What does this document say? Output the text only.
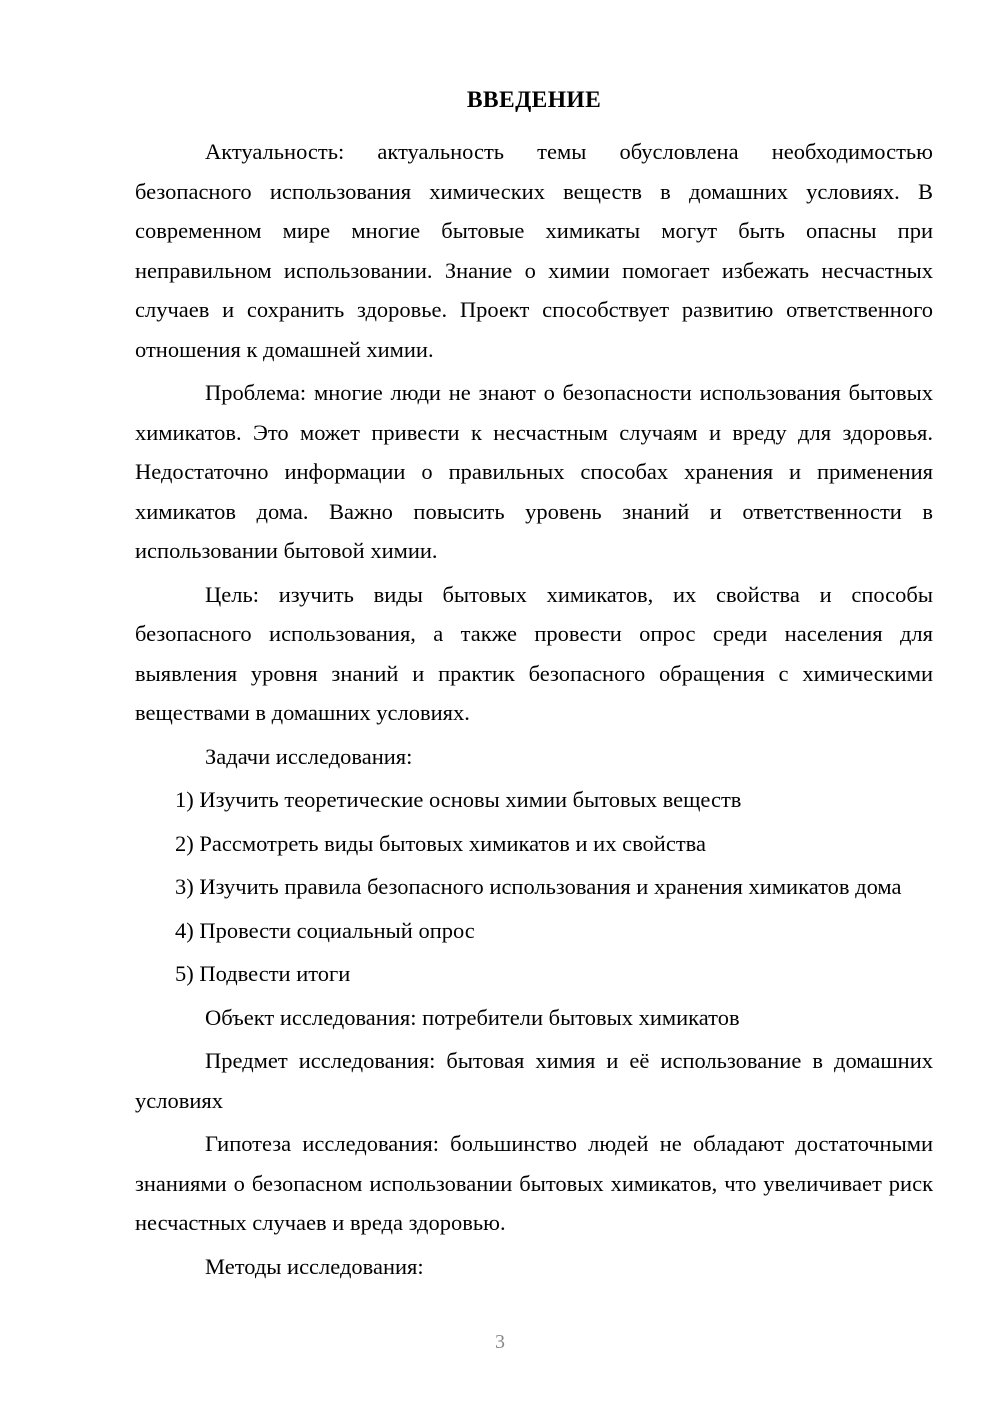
ВВЕДЕНИЕ

Актуальность: актуальность темы обусловлена необходимостью безопасного использования химических веществ в домашних условиях. В современном мире многие бытовые химикаты могут быть опасны при неправильном использовании. Знание о химии помогает избежать несчастных случаев и сохранить здоровье. Проект способствует развитию ответственного отношения к домашней химии.

Проблема: многие люди не знают о безопасности использования бытовых химикатов. Это может привести к несчастным случаям и вреду для здоровья. Недостаточно информации о правильных способах хранения и применения химикатов дома. Важно повысить уровень знаний и ответственности в использовании бытовой химии.

Цель: изучить виды бытовых химикатов, их свойства и способы безопасного использования, а также провести опрос среди населения для выявления уровня знаний и практик безопасного обращения с химическими веществами в домашних условиях.

Задачи исследования:

1) Изучить теоретические основы химии бытовых веществ

2) Рассмотреть виды бытовых химикатов и их свойства

3) Изучить правила безопасного использования и хранения химикатов дома

4) Провести социальный опрос

5) Подвести итоги

Объект исследования: потребители бытовых химикатов

Предмет исследования: бытовая химия и её использование в домашних условиях

Гипотеза исследования: большинство людей не обладают достаточными знаниями о безопасном использовании бытовых химикатов, что увеличивает риск несчастных случаев и вреда здоровью.

Методы исследования:

3
